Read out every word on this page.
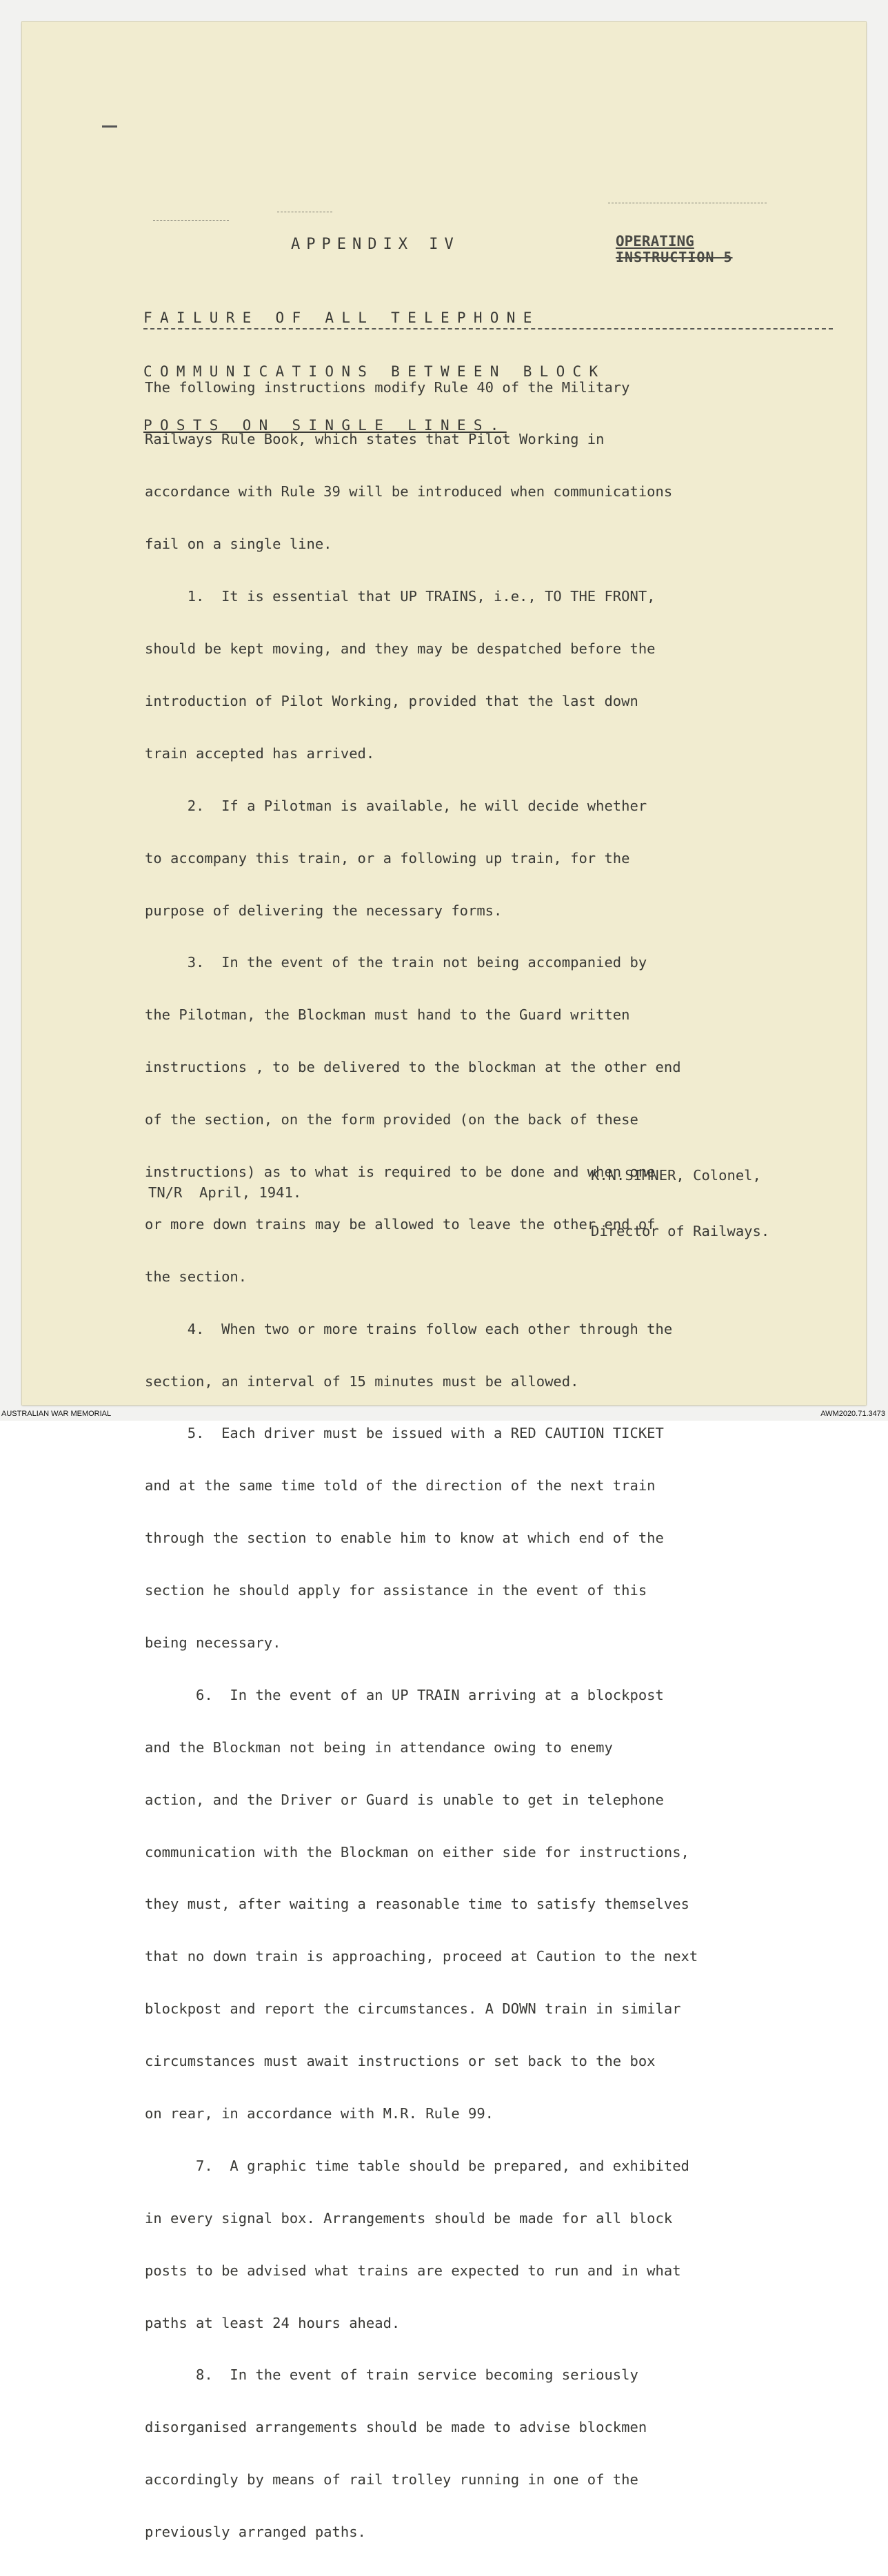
APPENDIX IV	OPERATING
INSTRUCTION 5

FAILURE OF ALL TELEPHONE

COMMUNICATIONS BETWEEN BLOCK

POSTS ON SINGLE LINES.

The following instructions modify Rule 40 of the Military

Railways Rule Book, which states that Pilot Working in

accordance with Rule 39 will be introduced when communications

fail on a single line.

1.  It is essential that UP TRAINS, i.e., TO THE FRONT,

should be kept moving, and they may be despatched before the

introduction of Pilot Working, provided that the last down

train accepted has arrived.

2.  If a Pilotman is available, he will decide whether

to accompany this train, or a following up train, for the

purpose of delivering the necessary forms.

3.  In the event of the train not being accompanied by

the Pilotman, the Blockman must hand to the Guard written

instructions , to be delivered to the blockman at the other end

of the section, on the form provided (on the back of these

instructions) as to what is required to be done and when one

or more down trains may be allowed to leave the other end of

the section.

4.  When two or more trains follow each other through the

section, an interval of 15 minutes must be allowed.

5.  Each driver must be issued with a RED CAUTION TICKET

and at the same time told of the direction of the next train

through the section to enable him to know at which end of the

section he should apply for assistance in the event of this

being necessary.

6.  In the event of an UP TRAIN arriving at a blockpost

and the Blockman not being in attendance owing to enemy

action, and the Driver or Guard is unable to get in telephone

communication with the Blockman on either side for instructions,

they must, after waiting a reasonable time to satisfy themselves

that no down train is approaching, proceed at Caution to the next

blockpost and report the circumstances. A DOWN train in similar

circumstances must await instructions or set back to the box

on rear, in accordance with M.R. Rule 99.

7.  A graphic time table should be prepared, and exhibited

in every signal box. Arrangements should be made for all block

posts to be advised what trains are expected to run and in what

paths at least 24 hours ahead.

8.  In the event of train service becoming seriously

disorganised arrangements should be made to advise blockmen

accordingly by means of rail trolley running in one of the

previously arranged paths.

K.N.SIMNER, Colonel,

Director of Railways.

TN/R  April, 1941.

AUSTRALIAN WAR MEMORIAL	AWM2020.71.3473
